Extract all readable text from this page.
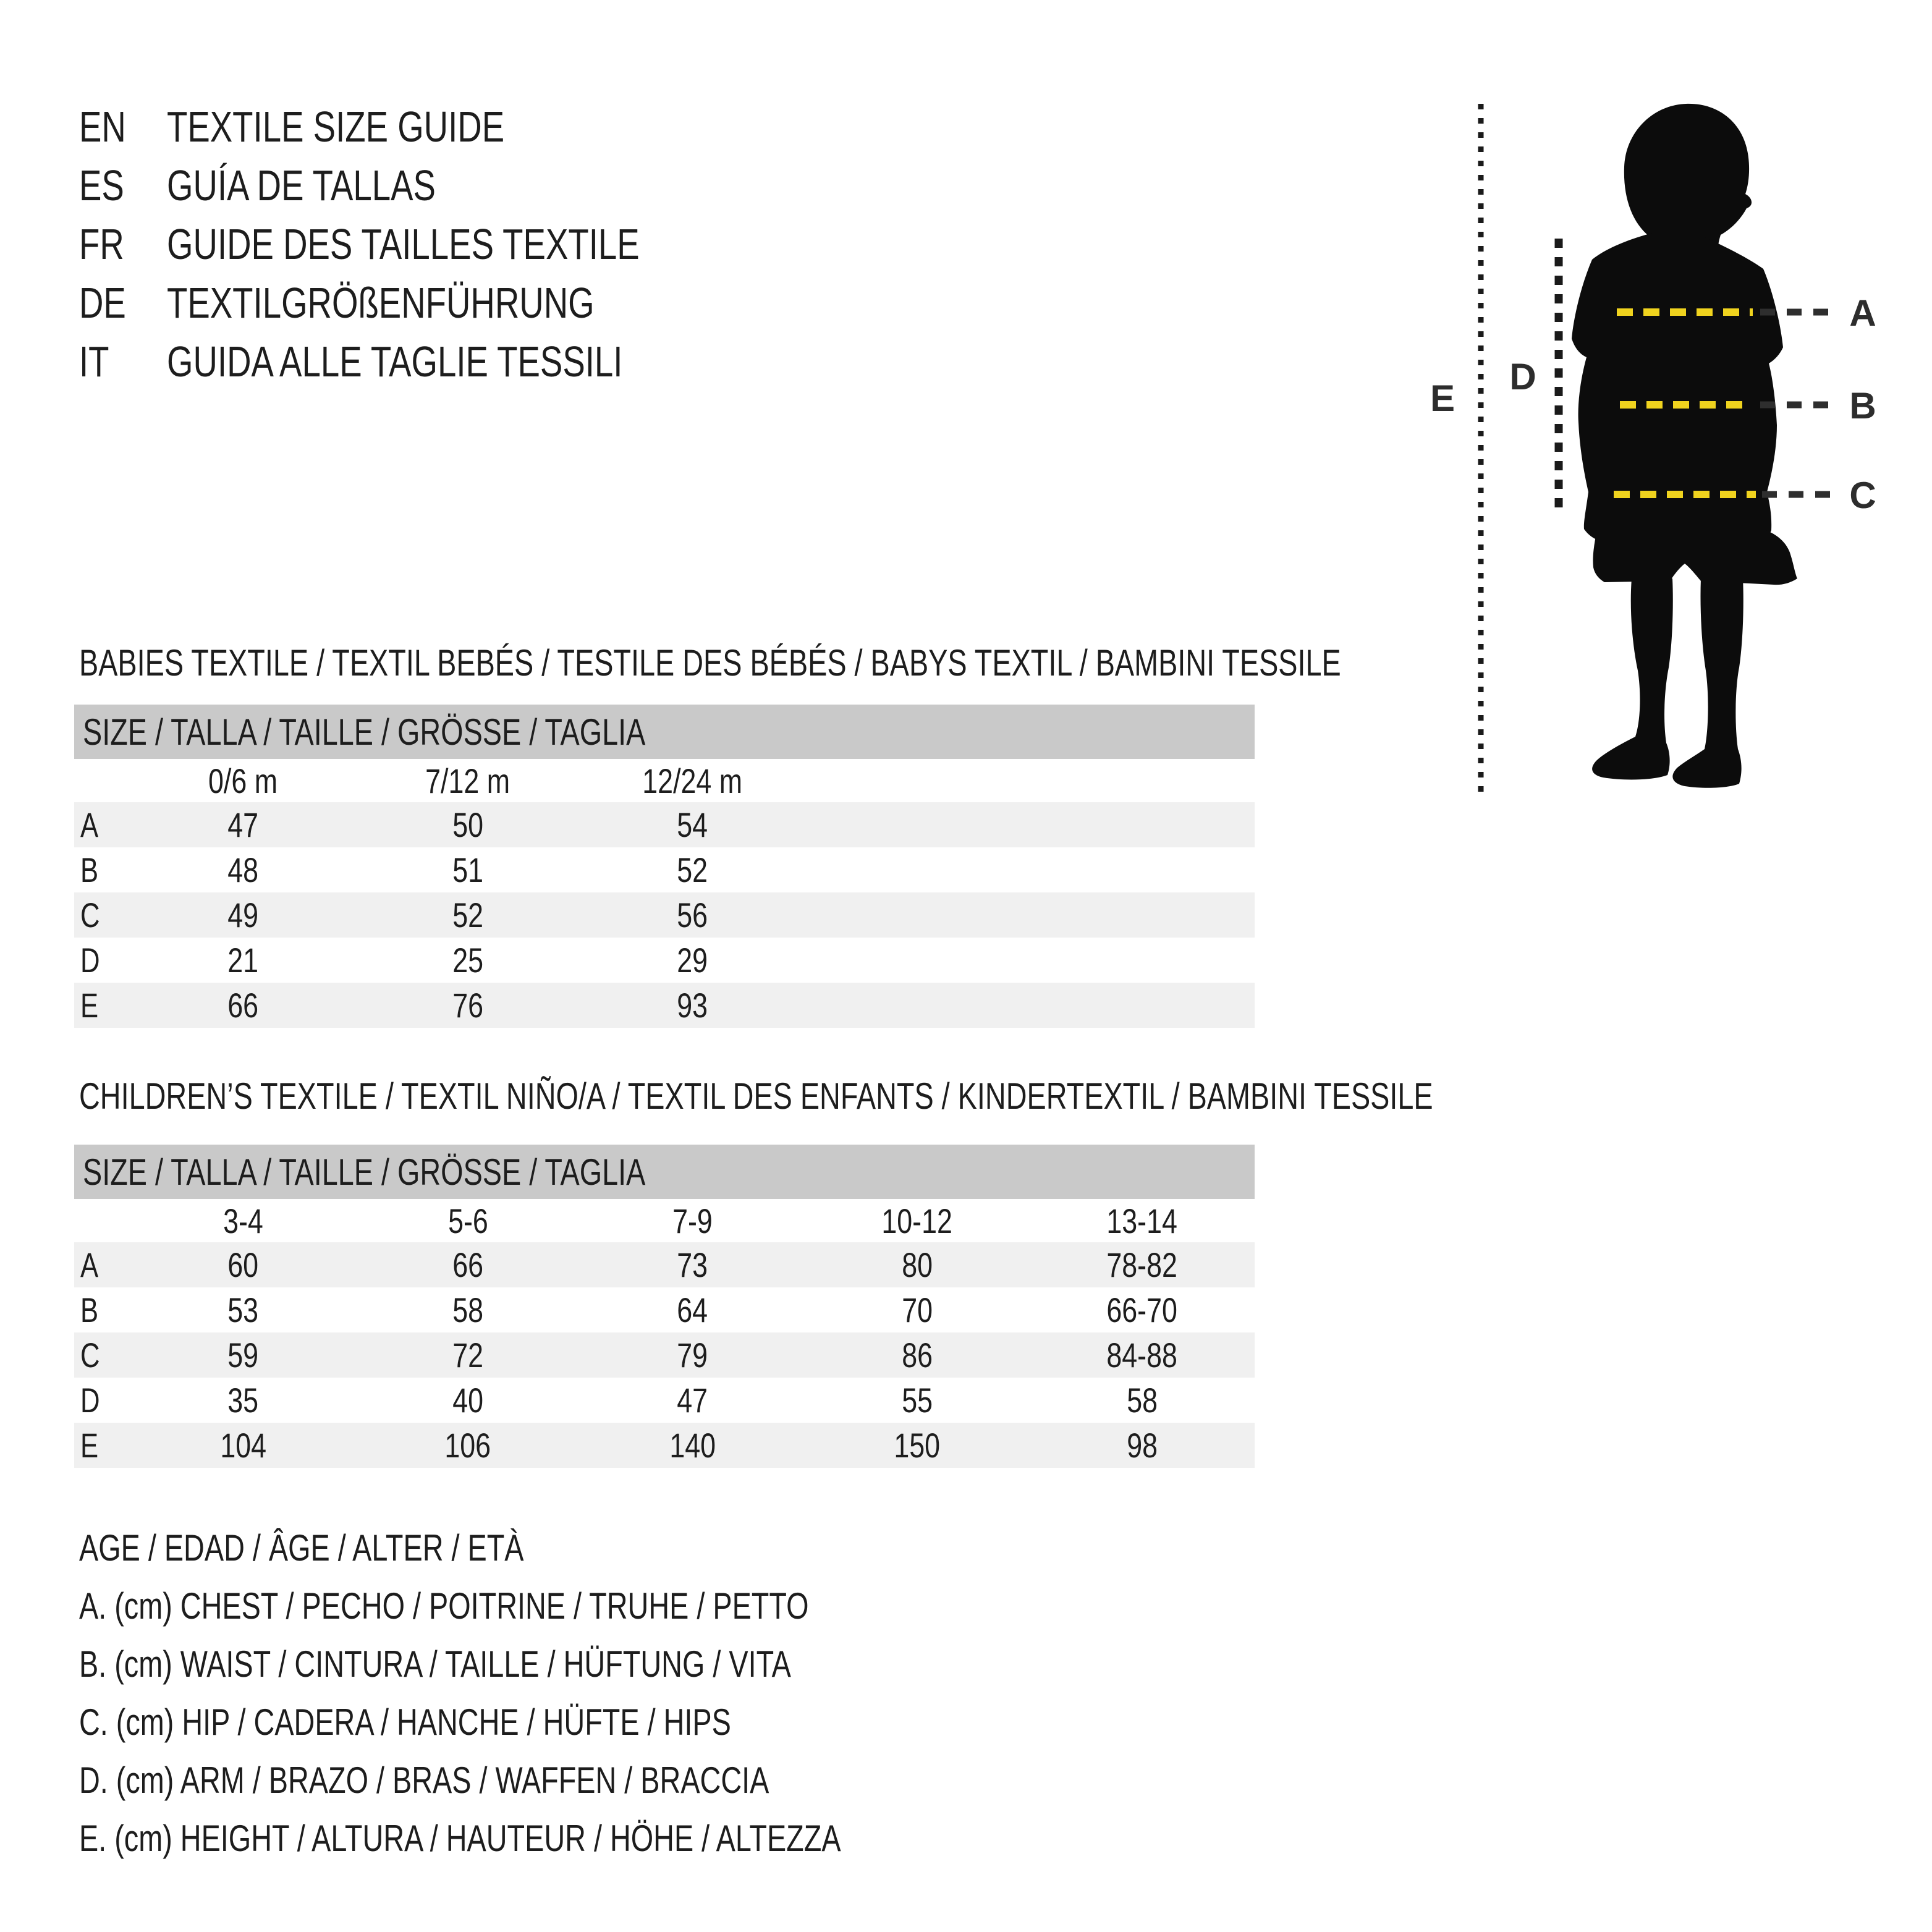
EN TEXTILE SIZE GUIDE
ES GUÍA DE TALLAS
FR GUIDE DES TAILLES TEXTILE
DE TEXTILGRÖßENFÜHRUNG
IT	GUIDA ALLE TAGLIE TESSILI
A
B
C
D
E
BABIES TEXTILE / TEXTIL BEBÉS / TESTILE DES BÉBÉS / BABYS TEXTIL / BAMBINI TESSILE
SIZE / TALLA / TAILLE / GRÖSSE / TAGLIA
	0/6 m	7/12 m	12/24 m		
A	47	50	54		
B	48	51	52		
C	49	52	56		
D	21	25	29		
E	66	76	93		
CHILDREN’S TEXTILE / TEXTIL NIÑO/A / TEXTIL DES ENFANTS / KINDERTEXTIL / BAMBINI TESSILE
SIZE / TALLA / TAILLE / GRÖSSE / TAGLIA
	3-4	5-6	7-9	10-12	13-14
A	60	66	73	80	78-82
B	53	58	64	70	66-70
C	59	72	79	86	84-88
D	35	40	47	55	58
E	104	106	140	150	98
AGE / EDAD / ÂGE / ALTER / ETÀ
A. (cm) CHEST / PECHO / POITRINE / TRUHE / PETTO
B. (cm) WAIST / CINTURA / TAILLE / HÜFTUNG / VITA
C. (cm) HIP / CADERA / HANCHE / HÜFTE / HIPS
D. (cm) ARM / BRAZO / BRAS / WAFFEN / BRACCIA
E. (cm) HEIGHT / ALTURA / HAUTEUR / HÖHE / ALTEZZA
